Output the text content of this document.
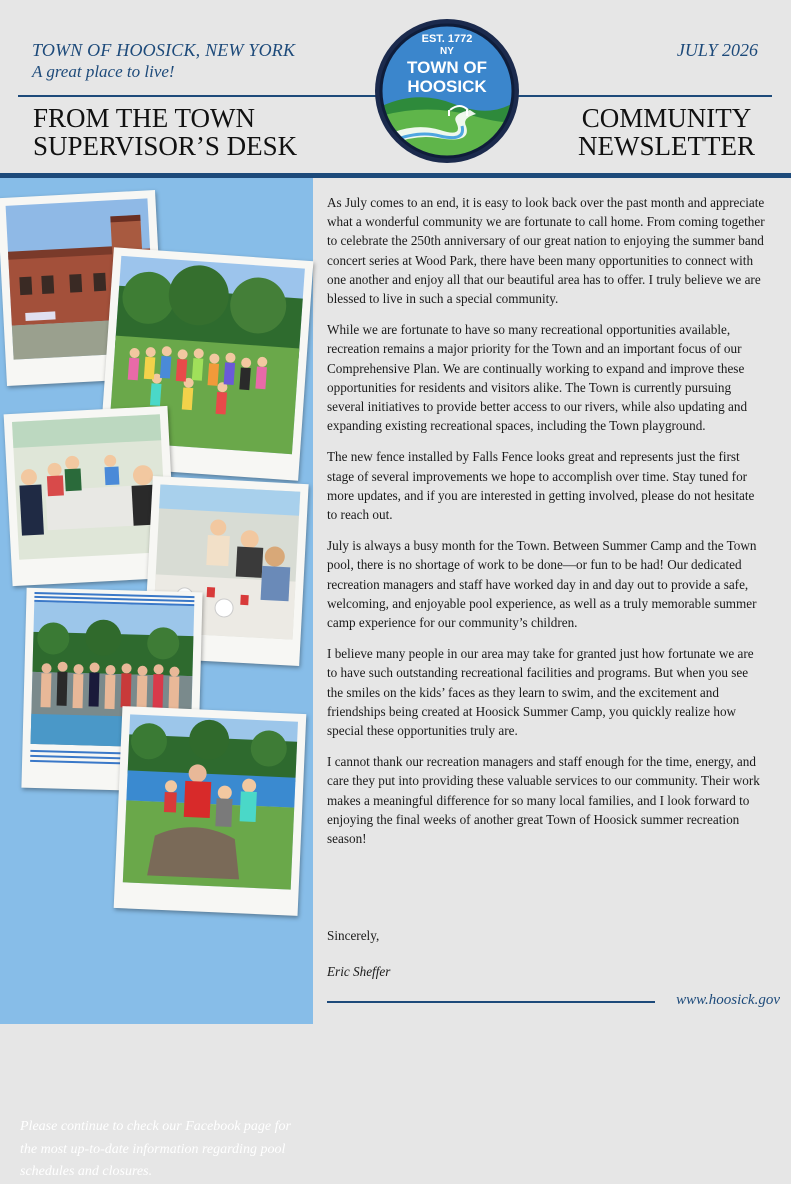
TOWN OF HOOSICK, NEW YORK
A great place to live!
JULY 2026
FROM THE TOWN
SUPERVISOR’S DESK
COMMUNITY
NEWSLETTER
EST. 1772
NY
TOWN OF
HOOSICK
Please continue to check our Facebook page for the most up-to-date information regarding pool schedules and closures.

As July comes to an end, it is easy to look back over the past month and appreciate what a wonderful community we are fortunate to call home. From coming together to celebrate the 250th anniversary of our great nation to enjoying the summer band concert series at Wood Park, there have been many opportunities to connect with one another and enjoy all that our beautiful area has to offer. I truly believe we are blessed to live in such a special community.

While we are fortunate to have so many recreational opportunities available, recreation remains a major priority for the Town and an important focus of our Comprehensive Plan. We are continually working to expand and improve these opportunities for residents and visitors alike. The Town is currently pursuing several initiatives to provide better access to our rivers, while also updating and expanding existing recreational spaces, including the Town playground.

The new fence installed by Falls Fence looks great and represents just the first stage of several improvements we hope to accomplish over time. Stay tuned for more updates, and if you are interested in getting involved, please do not hesitate to reach out.

July is always a busy month for the Town. Between Summer Camp and the Town pool, there is no shortage of work to be done—or fun to be had! Our dedicated recreation managers and staff have worked day in and day out to provide a safe, welcoming, and enjoyable pool experience, as well as a truly memorable summer camp experience for our community’s children.

I believe many people in our area may take for granted just how fortunate we are to have such outstanding recreational facilities and programs. But when you see the smiles on the kids’ faces as they learn to swim, and the excitement and friendships being created at Hoosick Summer Camp, you quickly realize how special these opportunities truly are.

I cannot thank our recreation managers and staff enough for the time, energy, and care they put into providing these valuable services to our community. Their work makes a meaningful difference for so many local families, and I look forward to enjoying the final weeks of another great Town of Hoosick summer recreation season!

Sincerely,
Eric Sheffer
www.hoosick.gov
